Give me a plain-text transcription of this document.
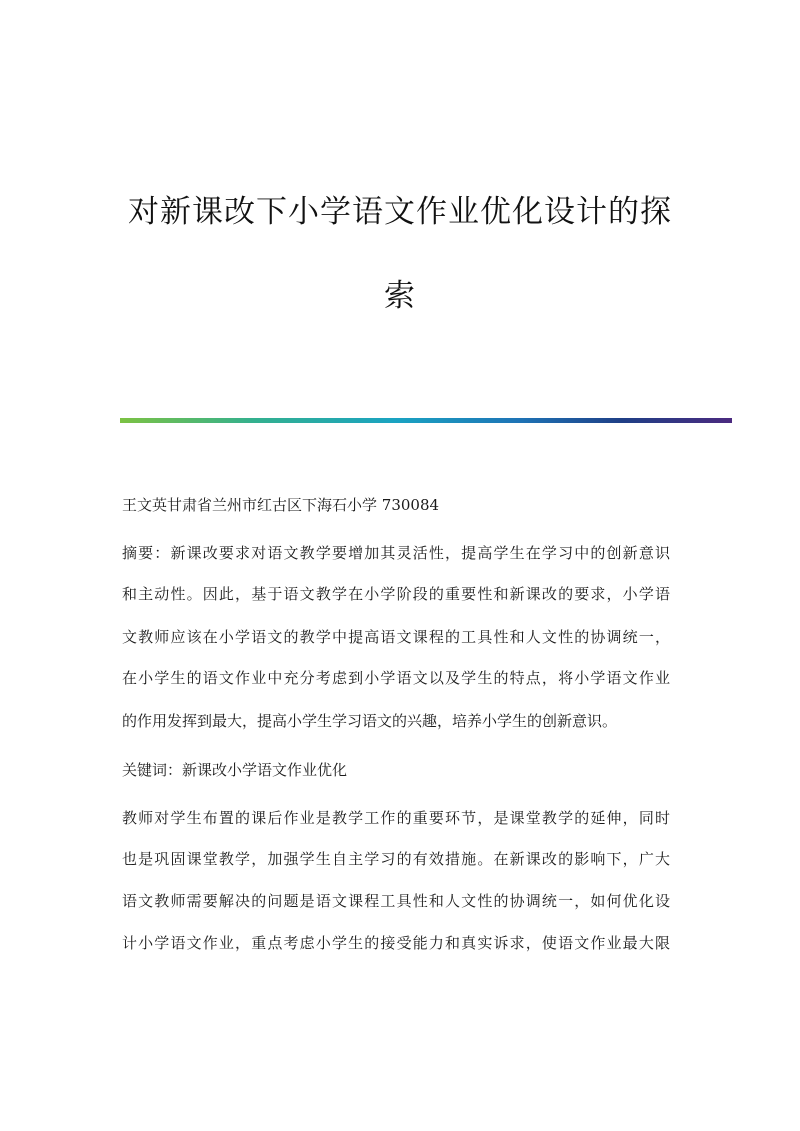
对新课改下小学语文作业优化设计的探
索
王文英甘肃省兰州市红古区下海石小学 730084
摘要：新课改要求对语文教学要增加其灵活性，提高学生在学习中的创新意识
和主动性。因此，基于语文教学在小学阶段的重要性和新课改的要求，小学语
文教师应该在小学语文的教学中提高语文课程的工具性和人文性的协调统一，
在小学生的语文作业中充分考虑到小学语文以及学生的特点，将小学语文作业
的作用发挥到最大，提高小学生学习语文的兴趣，培养小学生的创新意识。
关键词：新课改小学语文作业优化
教师对学生布置的课后作业是教学工作的重要环节，是课堂教学的延伸，同时
也是巩固课堂教学，加强学生自主学习的有效措施。在新课改的影响下，广大
语文教师需要解决的问题是语文课程工具性和人文性的协调统一，如何优化设
计小学语文作业，重点考虑小学生的接受能力和真实诉求，使语文作业最大限
